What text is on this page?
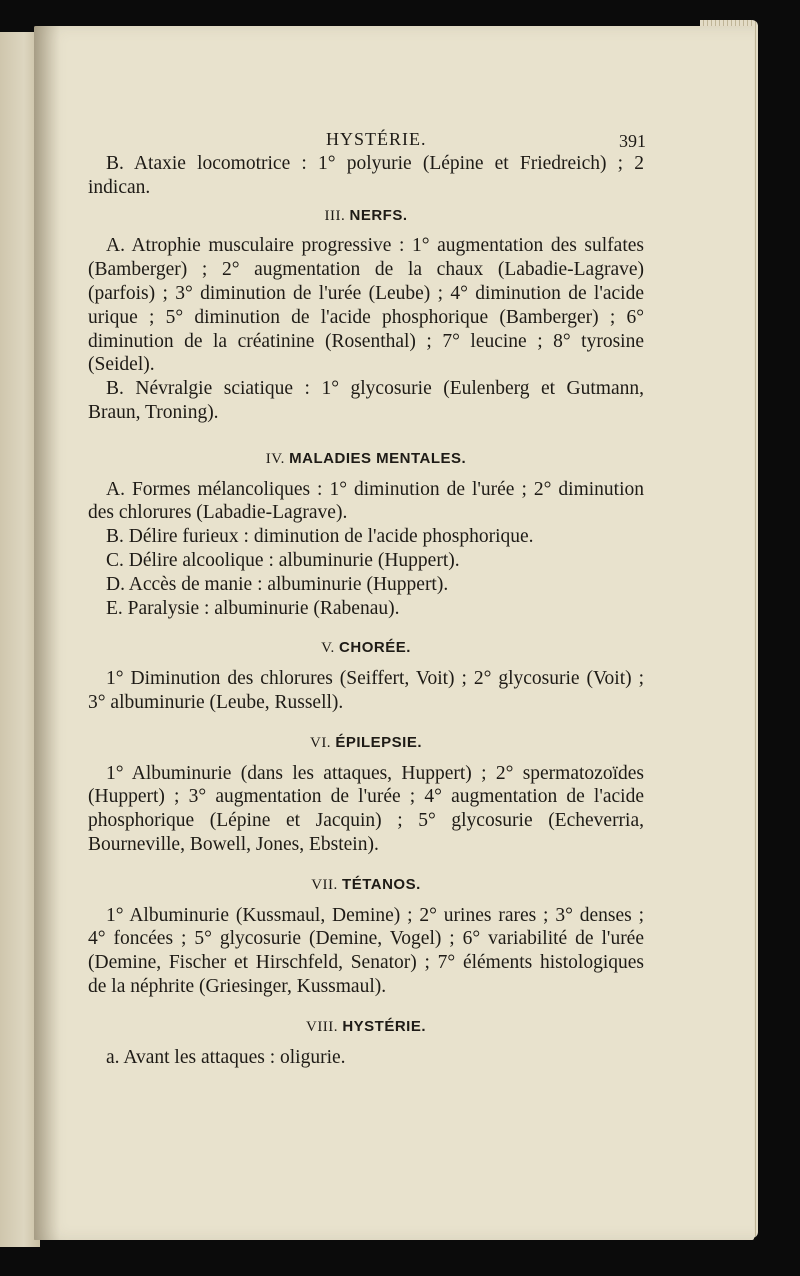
HYSTÉRIE.	391

B. Ataxie locomotrice : 1° polyurie (Lépine et Friedreich) ; 2 indican.

III. NERFS.

A. Atrophie musculaire progressive : 1° augmentation des sulfates (Bamberger) ; 2° augmentation de la chaux (Labadie-Lagrave) (parfois) ; 3° diminution de l'urée (Leube) ; 4° diminution de l'acide urique ; 5° diminution de l'acide phosphorique (Bamberger) ; 6° diminution de la créatinine (Rosenthal) ; 7° leucine ; 8° tyrosine (Seidel).

B. Névralgie sciatique : 1° glycosurie (Eulenberg et Gutmann, Braun, Troning).

IV. MALADIES MENTALES.

A. Formes mélancoliques : 1° diminution de l'urée ; 2° diminution des chlorures (Labadie-Lagrave).

B. Délire furieux : diminution de l'acide phosphorique.

C. Délire alcoolique : albuminurie (Huppert).

D. Accès de manie : albuminurie (Huppert).

E. Paralysie : albuminurie (Rabenau).

V. CHORÉE.

1° Diminution des chlorures (Seiffert, Voit) ; 2° glycosurie (Voit) ; 3° albuminurie (Leube, Russell).

VI. ÉPILEPSIE.

1° Albuminurie (dans les attaques, Huppert) ; 2° spermatozoïdes (Huppert) ; 3° augmentation de l'urée ; 4° augmentation de l'acide phosphorique (Lépine et Jacquin) ; 5° glycosurie (Echeverria, Bourneville, Bowell, Jones, Ebstein).

VII. TÉTANOS.

1° Albuminurie (Kussmaul, Demine) ; 2° urines rares ; 3° denses ; 4° foncées ; 5° glycosurie (Demine, Vogel) ; 6° variabilité de l'urée (Demine, Fischer et Hirschfeld, Senator) ; 7° éléments histologiques de la néphrite (Griesinger, Kussmaul).

VIII. HYSTÉRIE.

a. Avant les attaques : oligurie.
